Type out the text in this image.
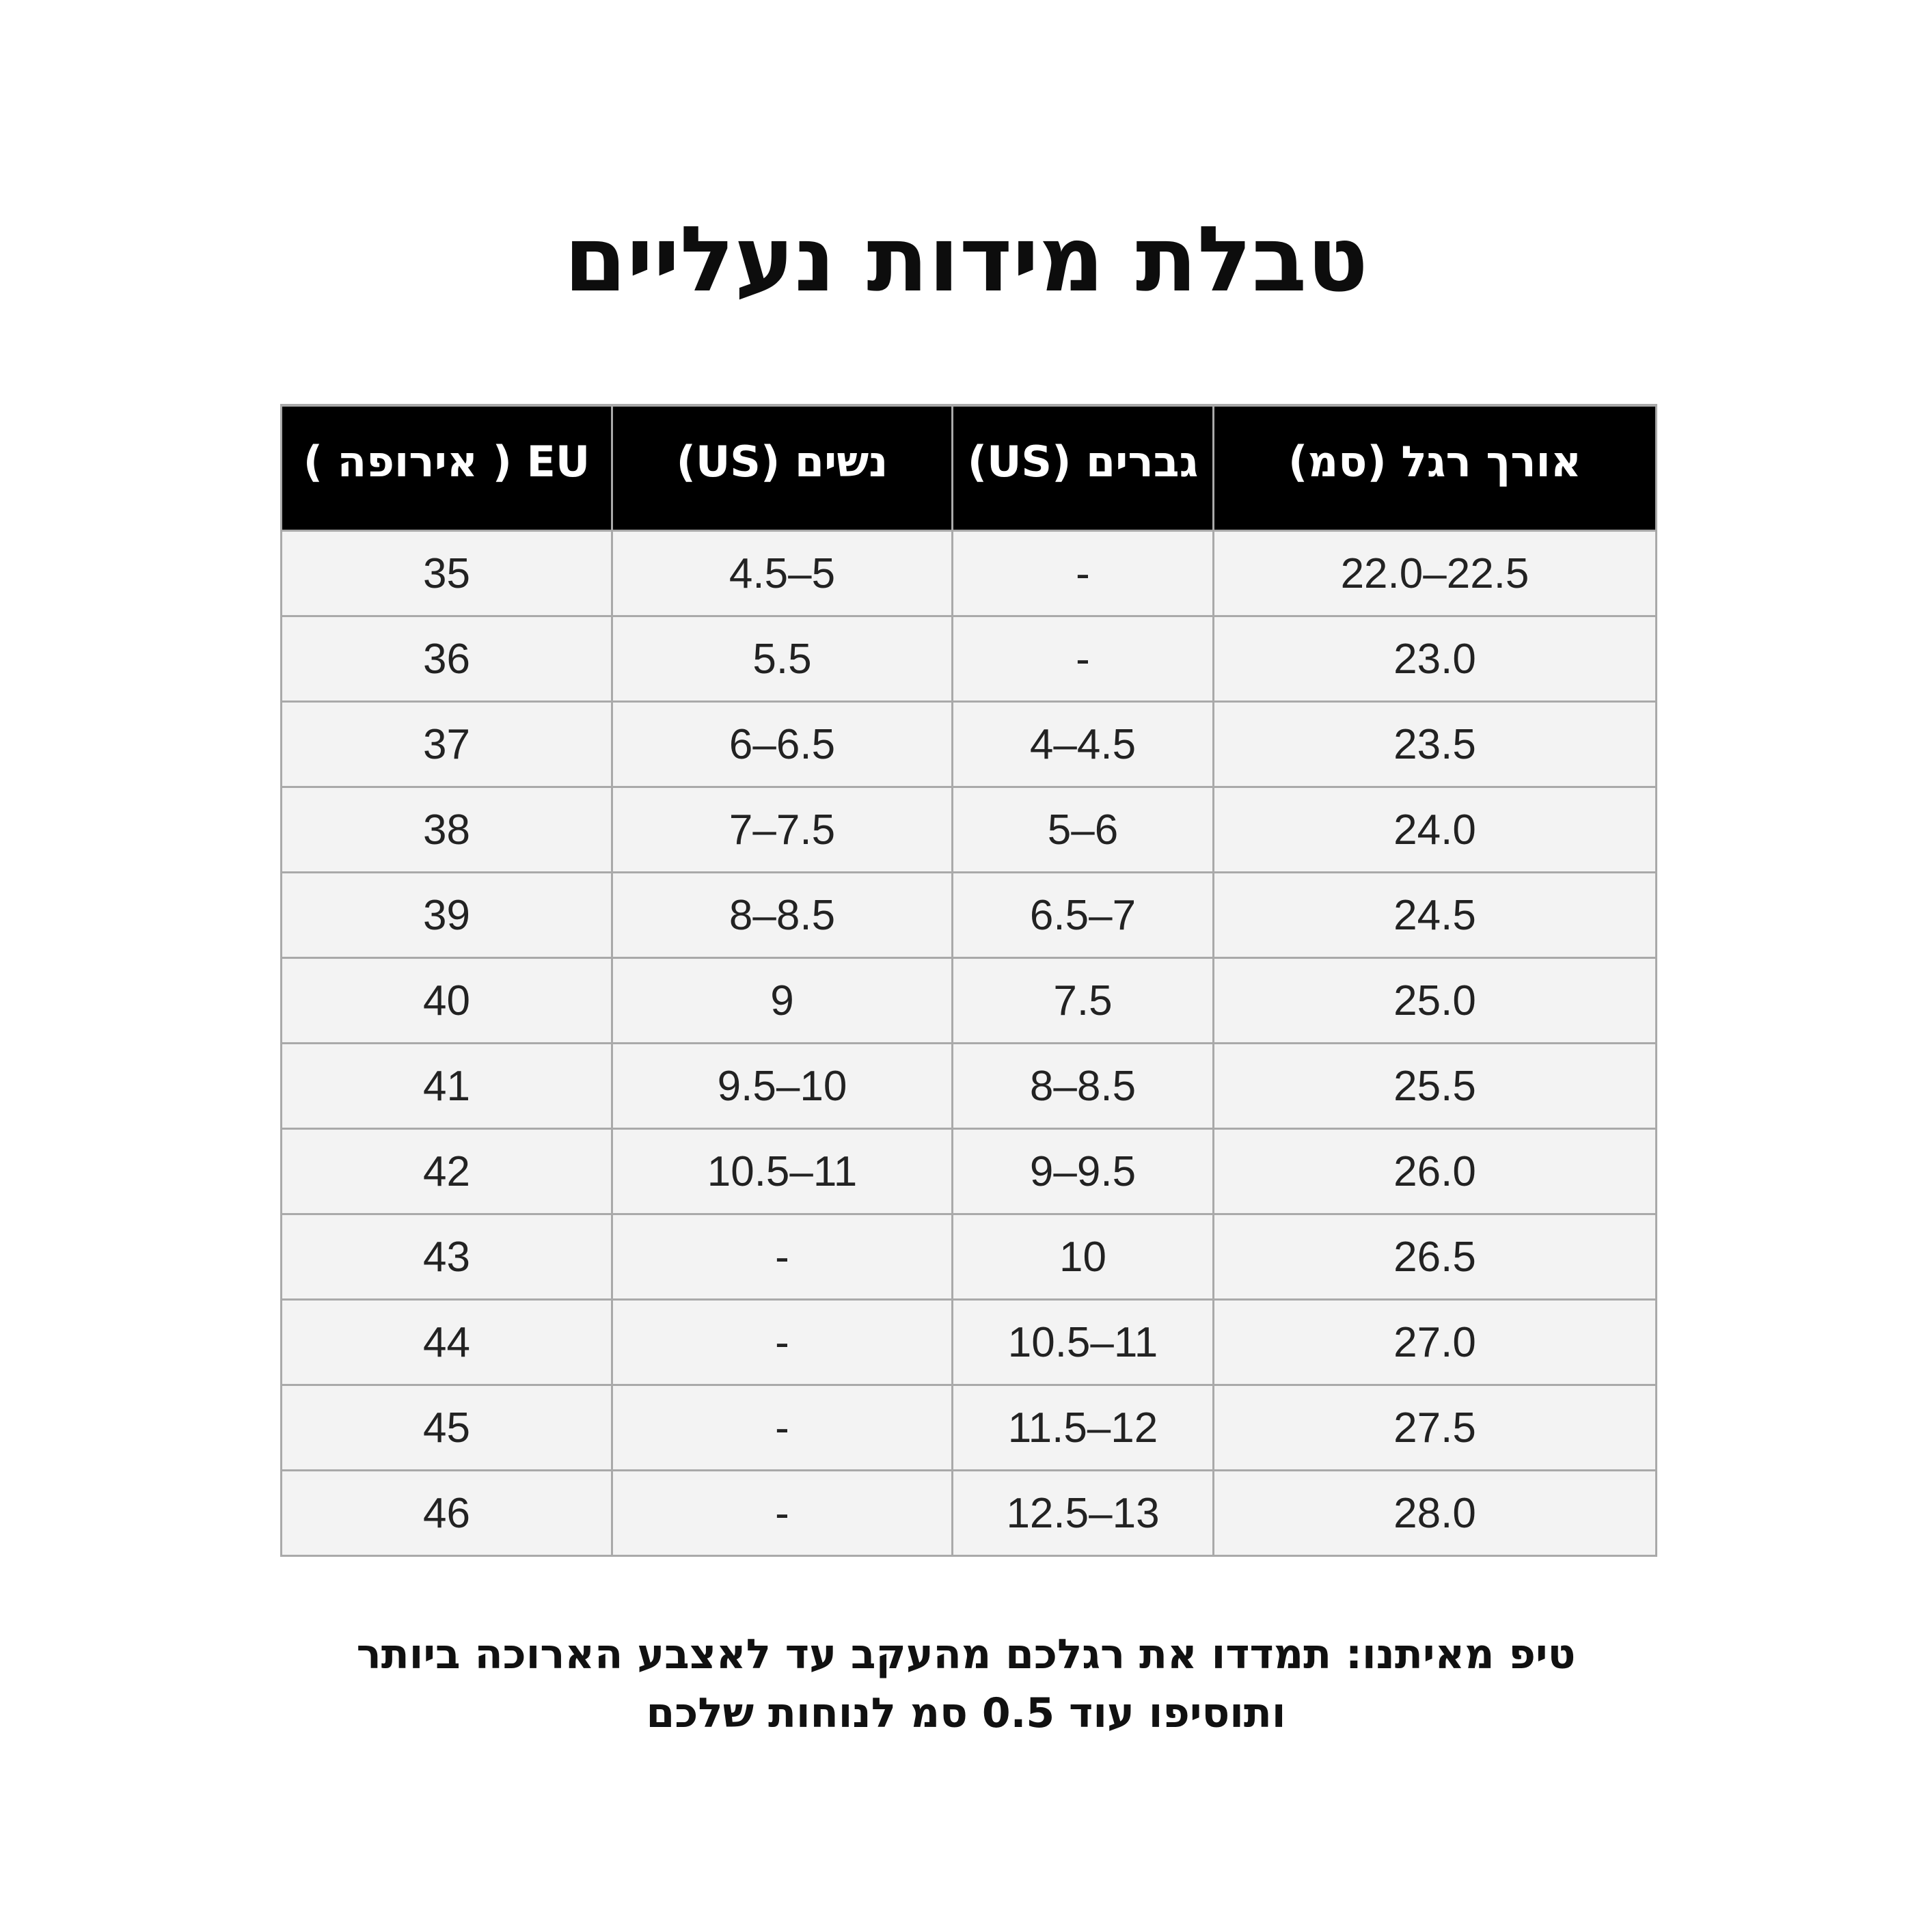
טבלת מידות נעליים
EU ( אירופה )	נשים (US)	גברים (US)	אורך רגל (סמ)
35	4.5–5	-	22.0–22.5
36	5.5	-	23.0
37	6–6.5	4–4.5	23.5
38	7–7.5	5–6	24.0
39	8–8.5	6.5–7	24.5
40	9	7.5	25.0
41	9.5–10	8–8.5	25.5
42	10.5–11	9–9.5	26.0
43	-	10	26.5
44	-	10.5–11	27.0
45	-	11.5–12	27.5
46	-	12.5–13	28.0
טיפ מאיתנו: תמדדו את רגלכם מהעקב עד לאצבע הארוכה ביותר
ותוסיפו עוד 0.5 סמ לנוחות שלכם
